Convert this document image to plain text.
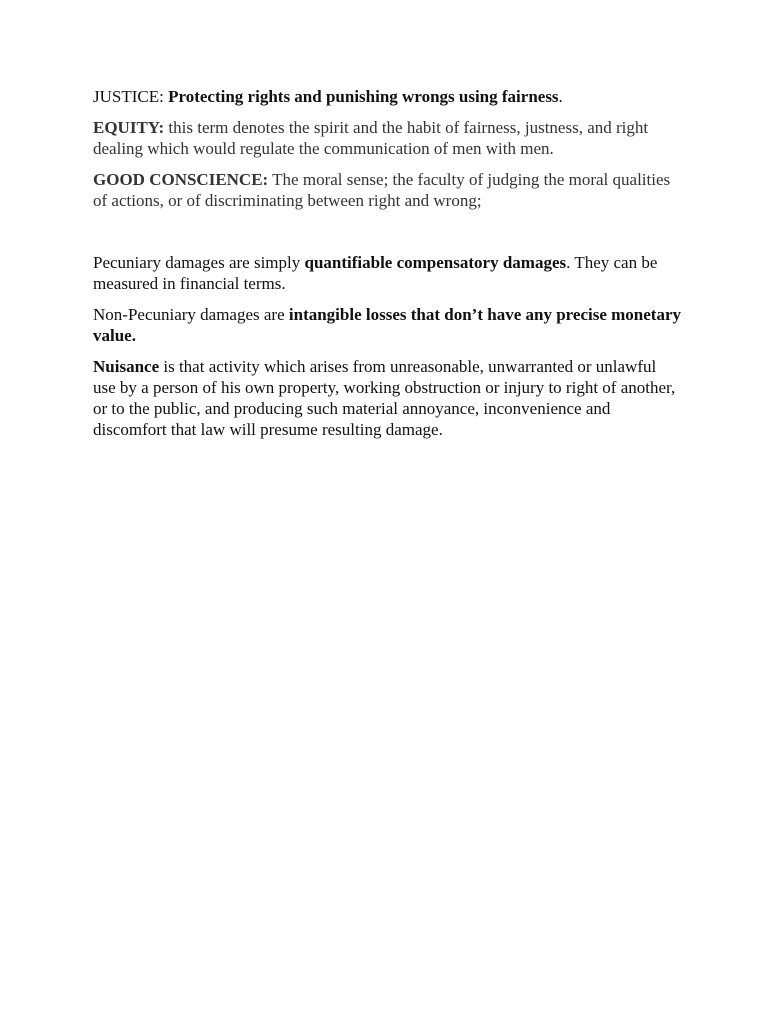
JUSTICE: Protecting rights and punishing wrongs using fairness.

EQUITY: this term denotes the spirit and the habit of fairness, justness, and right dealing which would regulate the communication of men with men.

GOOD CONSCIENCE: The moral sense; the faculty of judging the moral qualities of actions, or of discriminating between right and wrong;

Pecuniary damages are simply quantifiable compensatory damages. They can be measured in financial terms.

Non-Pecuniary damages are intangible losses that don’t have any precise monetary value.

Nuisance is that activity which arises from unreasonable, unwarranted or unlawful use by a person of his own property, working obstruction or injury to right of another, or to the public, and producing such material annoyance, inconvenience and discomfort that law will presume resulting damage.
